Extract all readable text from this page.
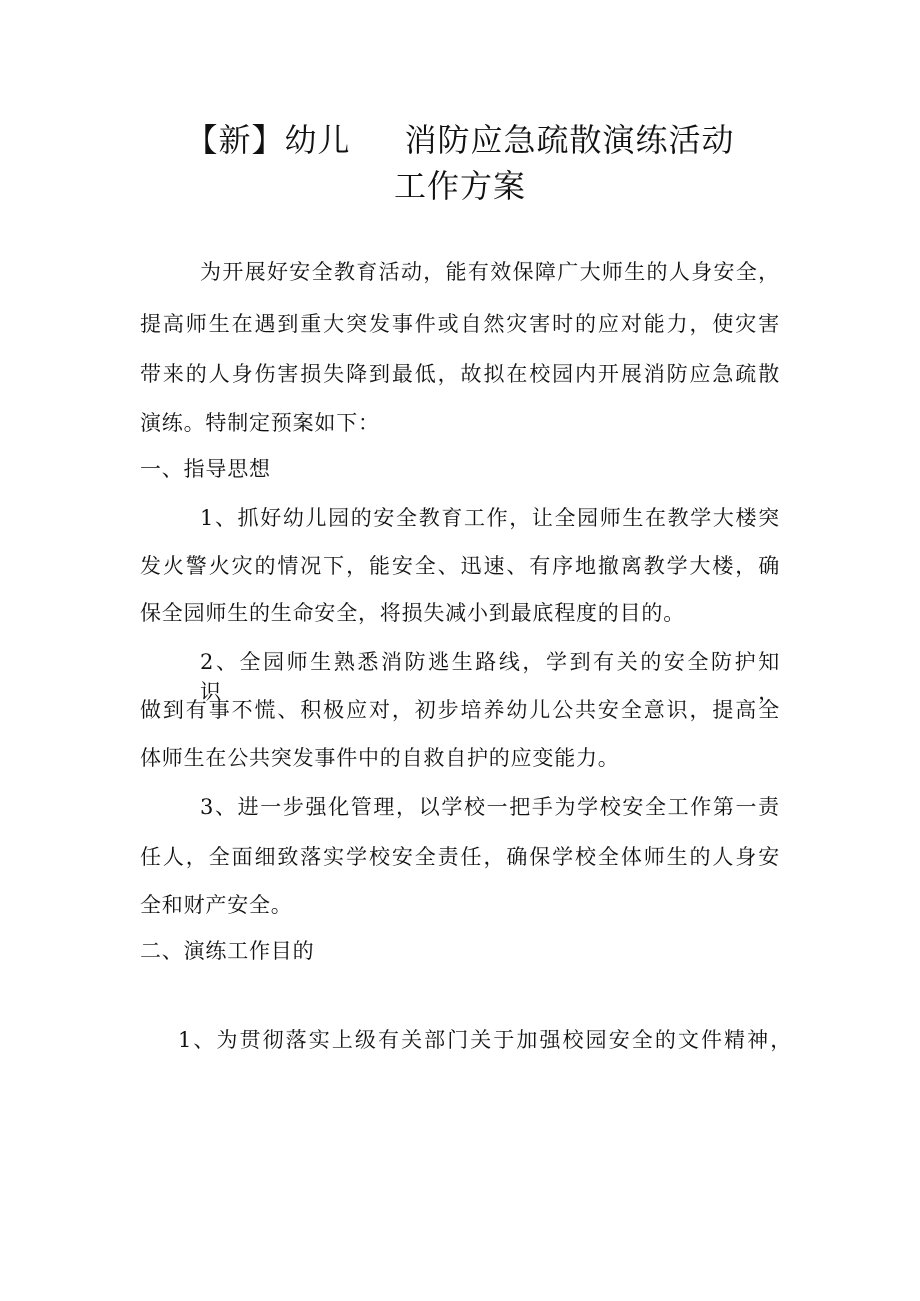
【新】幼儿 消防应急疏散演练活动
工作方案
为开展好安全教育活动，能有效保障广大师生的人身安全，
提高师生在遇到重大突发事件或自然灾害时的应对能力，使灾害
带来的人身伤害损失降到最低，故拟在校园内开展消防应急疏散
演练。特制定预案如下：
一、指导思想
1、抓好幼儿园的安全教育工作，让全园师生在教学大楼突
发火警火灾的情况下，能安全、迅速、有序地撤离教学大楼，确
保全园师生的生命安全，将损失减小到最底程度的目的。
2、全园师生熟悉消防逃生路线，学到有关的安全防护知识，
做到有事不慌、积极应对，初步培养幼儿公共安全意识，提高全
体师生在公共突发事件中的自救自护的应变能力。
3、进一步强化管理，以学校一把手为学校安全工作第一责
任人，全面细致落实学校安全责任，确保学校全体师生的人身安
全和财产安全。
二、演练工作目的
1、为贯彻落实上级有关部门关于加强校园安全的文件精神，
